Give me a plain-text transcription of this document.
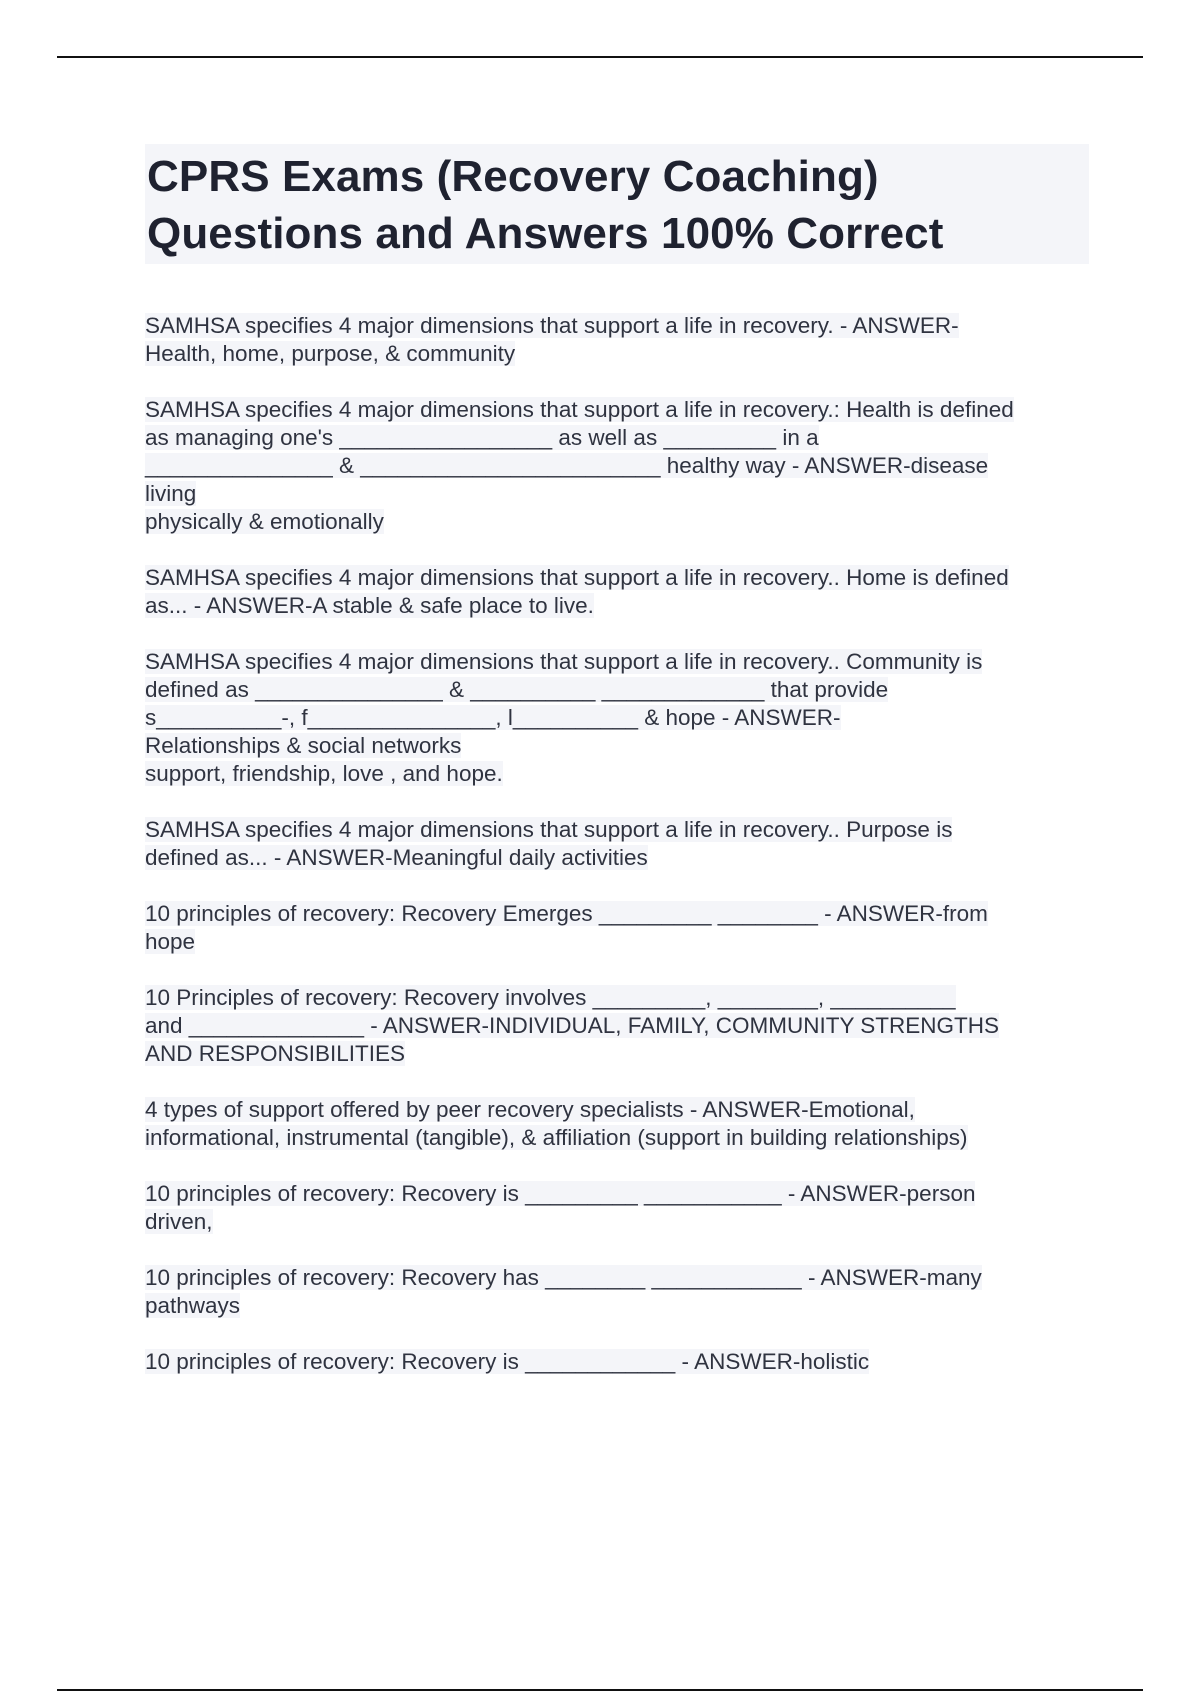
CPRS Exams (Recovery Coaching)
Questions and Answers 100% Correct
SAMHSA specifies 4 major dimensions that support a life in recovery. - ANSWER-
Health, home, purpose, & community
SAMHSA specifies 4 major dimensions that support a life in recovery.: Health is defined
as managing one's _________________ as well as _________ in a
_______________ & ________________________ healthy way - ANSWER-disease
living
physically & emotionally
SAMHSA specifies 4 major dimensions that support a life in recovery.. Home is defined
as... - ANSWER-A stable & safe place to live.
SAMHSA specifies 4 major dimensions that support a life in recovery.. Community is
defined as _______________ & __________ _____________ that provide
s__________-, f_______________, l__________ & hope - ANSWER-
Relationships & social networks
support, friendship, love , and hope.
SAMHSA specifies 4 major dimensions that support a life in recovery.. Purpose is
defined as... - ANSWER-Meaningful daily activities
10 principles of recovery: Recovery Emerges _________ ________ - ANSWER-from
hope
10 Principles of recovery: Recovery involves _________, ________, __________
and ______________ - ANSWER-INDIVIDUAL, FAMILY, COMMUNITY STRENGTHS
AND RESPONSIBILITIES
4 types of support offered by peer recovery specialists - ANSWER-Emotional,
informational, instrumental (tangible), & affiliation (support in building relationships)
10 principles of recovery: Recovery is _________ ___________ - ANSWER-person
driven,
10 principles of recovery: Recovery has ________ ____________ - ANSWER-many
pathways
10 principles of recovery: Recovery is ____________ - ANSWER-holistic
